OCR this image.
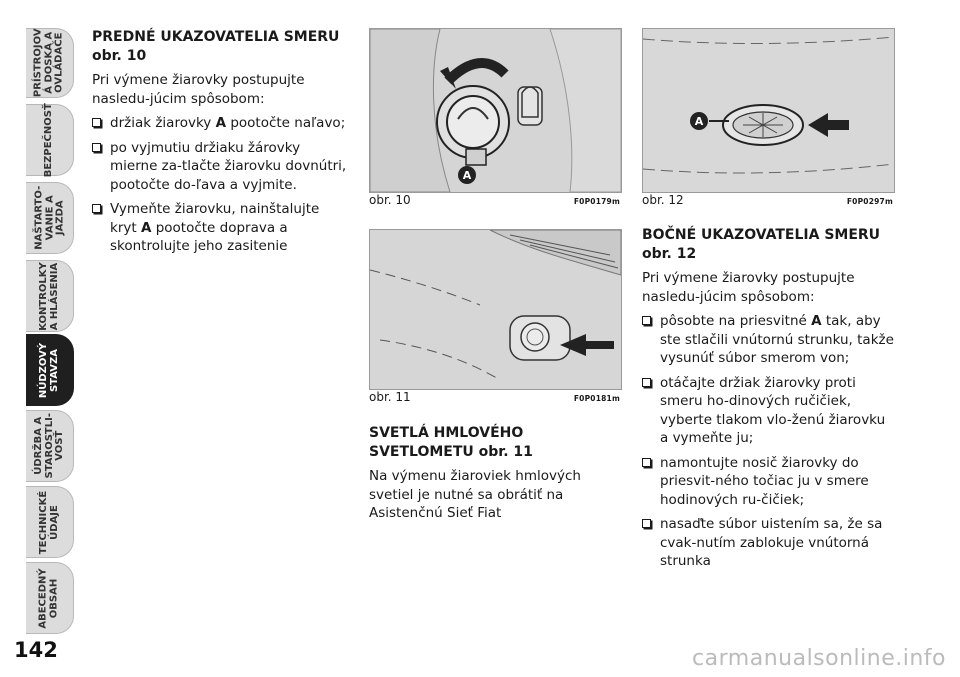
PRÍSTROJOV
Á DOSKA A
OVLÁDAČE
BEZPEČNOSŤ
NAŠTARTO-
VANIE A
JAZDA
KONTROLKY
A HLÁSENIA
NÚDZOVÝ
STAVZA
ÚDRŽBA A
STAROSTLI-
VOSŤ
TECHNICKÉ
ÚDAJE
ABECEDNÝ
OBSAH
142
PREDNÉ UKAZOVATELIA SMERU obr. 10

Pri výmene žiarovky postupujte nasledu-júcim spôsobom:

držiak žiarovky A pootočte naľavo;
po vyjmutiu držiaku žárovky mierne za-tlačte žiarovku dovnútri, pootočte do-ľava a vyjmite.
Vymeňte žiarovku, nainštalujte kryt A pootočte doprava a skontrolujte jeho zasitenie
A
obr. 10	F0P0179m
obr. 11	F0P0181m
SVETLÁ HMLOVÉHO SVETLOMETU obr. 11

Na výmenu žiaroviek hmlových svetiel je nutné sa obrátiť na Asistenčnú Sieť Fiat

A
obr. 12	F0P0297m
BOČNÉ UKAZOVATELIA SMERU obr. 12

Pri výmene žiarovky postupujte nasledu-júcim spôsobom:

pôsobte na priesvitné A tak, aby ste stlačili vnútornú strunku, takže vysunúť súbor smerom von;
otáčajte držiak žiarovky proti smeru ho-dinových ručičiek, vyberte tlakom vlo-ženú žiarovku a vymeňte ju;
namontujte nosič žiarovky do priesvit-ného točiac ju v smere hodinových ru-čičiek;
nasaďte súbor uistením sa, že sa cvak-nutím zablokuje vnútorná strunka
carmanualsonline.info
